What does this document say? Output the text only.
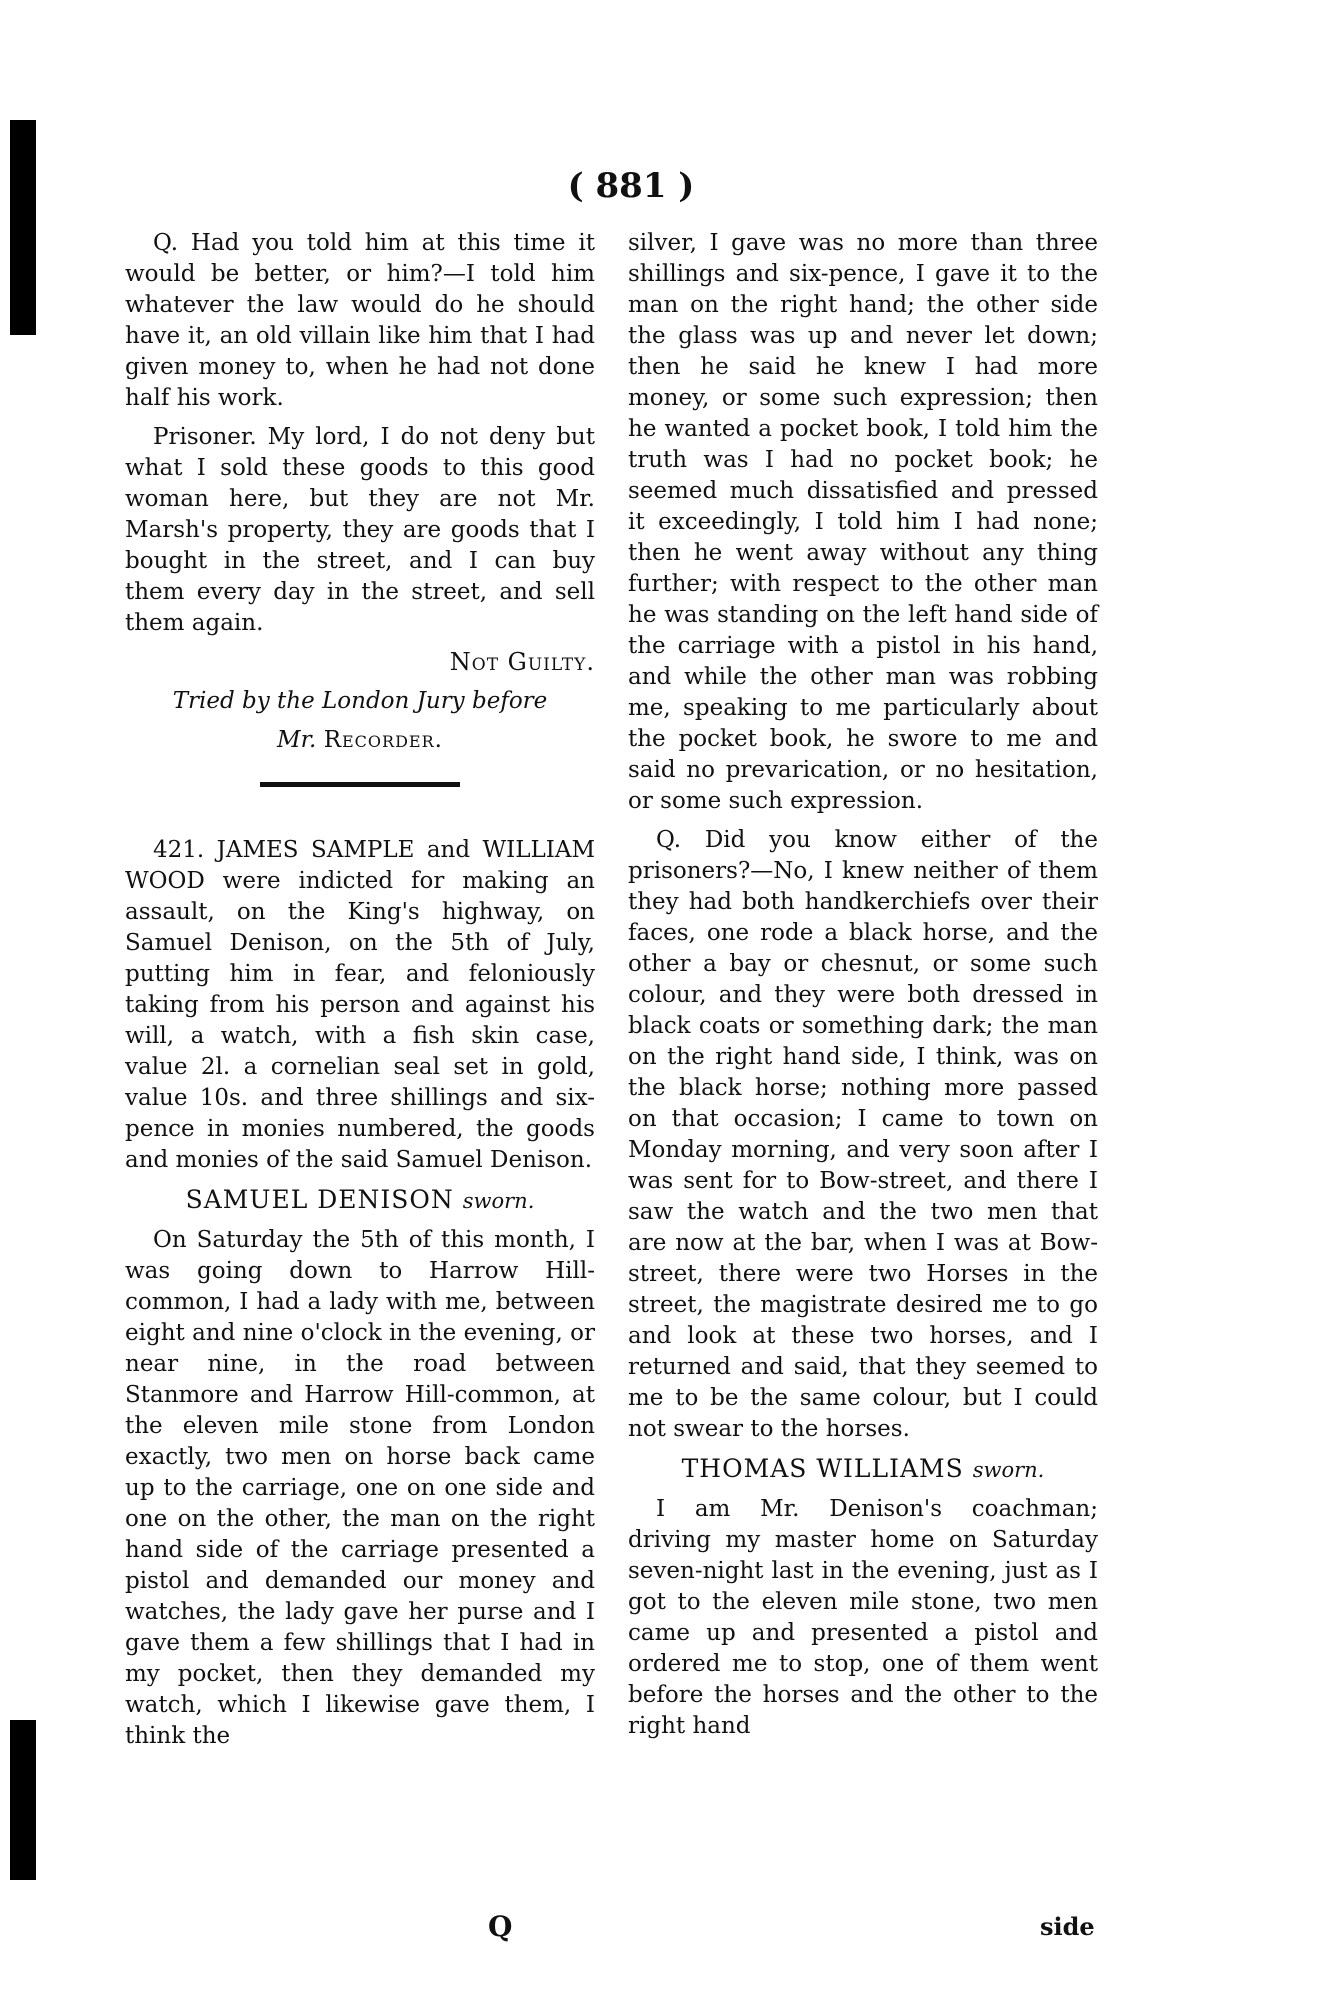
( 881 )

Q. Had you told him at this time it would be better, or him?—I told him whatever the law would do he should have it, an old villain like him that I had given money to, when he had not done half his work.

Prisoner. My lord, I do not deny but what I sold these goods to this good woman here, but they are not Mr. Marsh's property, they are goods that I bought in the street, and I can buy them every day in the street, and sell them again.

Not Guilty.

Tried by the London Jury before

Mr. Recorder.

421. JAMES SAMPLE and WILLIAM WOOD were indicted for making an assault, on the King's highway, on Samuel Denison, on the 5th of July, putting him in fear, and feloniously taking from his person and against his will, a watch, with a fish skin case, value 2l. a cornelian seal set in gold, value 10s. and three shillings and six-pence in monies numbered, the goods and monies of the said Samuel Denison.

SAMUEL DENISON sworn.

On Saturday the 5th of this month, I was going down to Harrow Hill-common, I had a lady with me, between eight and nine o'clock in the evening, or near nine, in the road between Stanmore and Harrow Hill-common, at the eleven mile stone from London exactly, two men on horse back came up to the carriage, one on one side and one on the other, the man on the right hand side of the carriage presented a pistol and demanded our money and watches, the lady gave her purse and I gave them a few shillings that I had in my pocket, then they demanded my watch, which I likewise gave them, I think the

silver, I gave was no more than three shillings and six-pence, I gave it to the man on the right hand; the other side the glass was up and never let down; then he said he knew I had more money, or some such expression; then he wanted a pocket book, I told him the truth was I had no pocket book; he seemed much dissatisfied and pressed it exceedingly, I told him I had none; then he went away without any thing further; with respect to the other man he was standing on the left hand side of the carriage with a pistol in his hand, and while the other man was robbing me, speaking to me particularly about the pocket book, he swore to me and said no prevarication, or no hesitation, or some such expression.

Q. Did you know either of the prisoners?—No, I knew neither of them they had both handkerchiefs over their faces, one rode a black horse, and the other a bay or chesnut, or some such colour, and they were both dressed in black coats or something dark; the man on the right hand side, I think, was on the black horse; nothing more passed on that occasion; I came to town on Monday morning, and very soon after I was sent for to Bow-street, and there I saw the watch and the two men that are now at the bar, when I was at Bow-street, there were two Horses in the street, the magistrate desired me to go and look at these two horses, and I returned and said, that they seemed to me to be the same colour, but I could not swear to the horses.

THOMAS WILLIAMS sworn.

I am Mr. Denison's coachman; driving my master home on Saturday seven-night last in the evening, just as I got to the eleven mile stone, two men came up and presented a pistol and ordered me to stop, one of them went before the horses and the other to the right hand

Q	side
